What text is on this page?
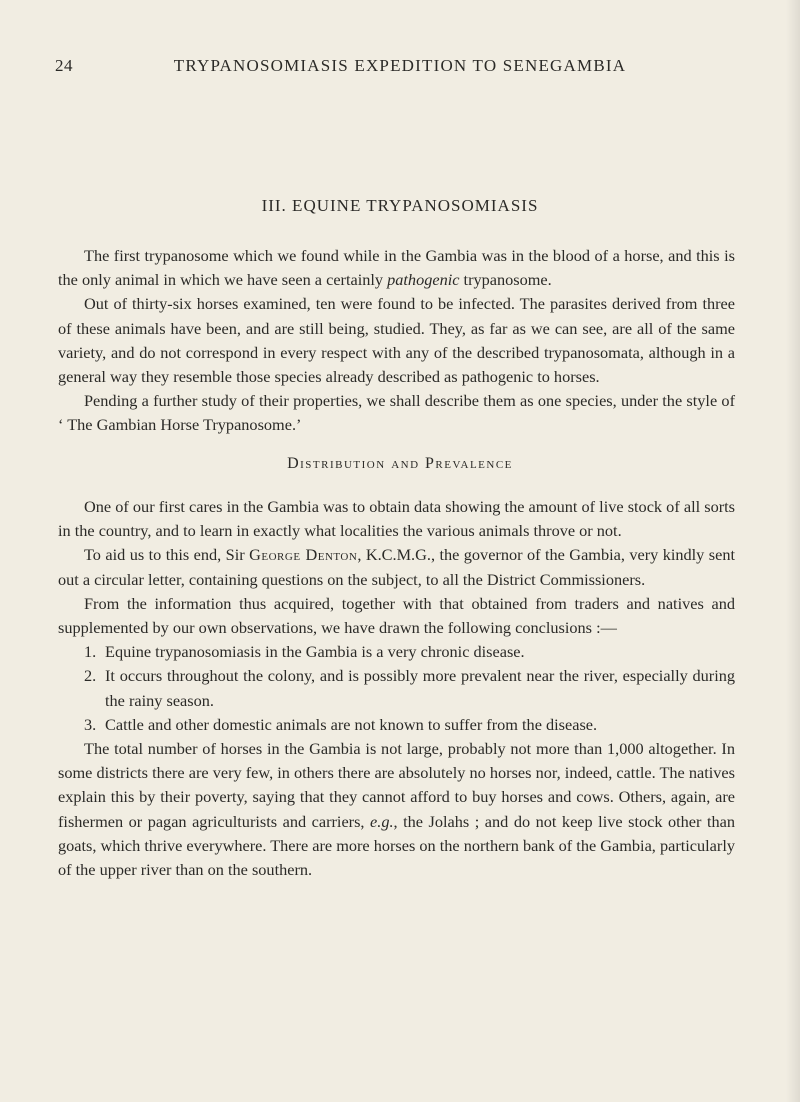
24	TRYPANOSOMIASIS EXPEDITION TO SENEGAMBIA
III. EQUINE TRYPANOSOMIASIS

The first trypanosome which we found while in the Gambia was in the blood of a horse, and this is the only animal in which we have seen a certainly pathogenic trypanosome.

Out of thirty-six horses examined, ten were found to be infected. The parasites derived from three of these animals have been, and are still being, studied. They, as far as we can see, are all of the same variety, and do not correspond in every respect with any of the described trypanosomata, although in a general way they resemble those species already described as pathogenic to horses.

Pending a further study of their properties, we shall describe them as one species, under the style of ‘ The Gambian Horse Trypanosome.’

Distribution and Prevalence

One of our first cares in the Gambia was to obtain data showing the amount of live stock of all sorts in the country, and to learn in exactly what localities the various animals throve or not.

To aid us to this end, Sir George Denton, K.C.M.G., the governor of the Gambia, very kindly sent out a circular letter, containing questions on the subject, to all the District Commissioners.

From the information thus acquired, together with that obtained from traders and natives and supplemented by our own observations, we have drawn the following conclusions :—

1. Equine trypanosomiasis in the Gambia is a very chronic disease.
2. It occurs throughout the colony, and is possibly more prevalent near the river, especially during the rainy season.
3. Cattle and other domestic animals are not known to suffer from the disease.

The total number of horses in the Gambia is not large, probably not more than 1,000 altogether. In some districts there are very few, in others there are absolutely no horses nor, indeed, cattle. The natives explain this by their poverty, saying that they cannot afford to buy horses and cows. Others, again, are fishermen or pagan agriculturists and carriers, e.g., the Jolahs ; and do not keep live stock other than goats, which thrive everywhere. There are more horses on the northern bank of the Gambia, particularly of the upper river than on the southern.
